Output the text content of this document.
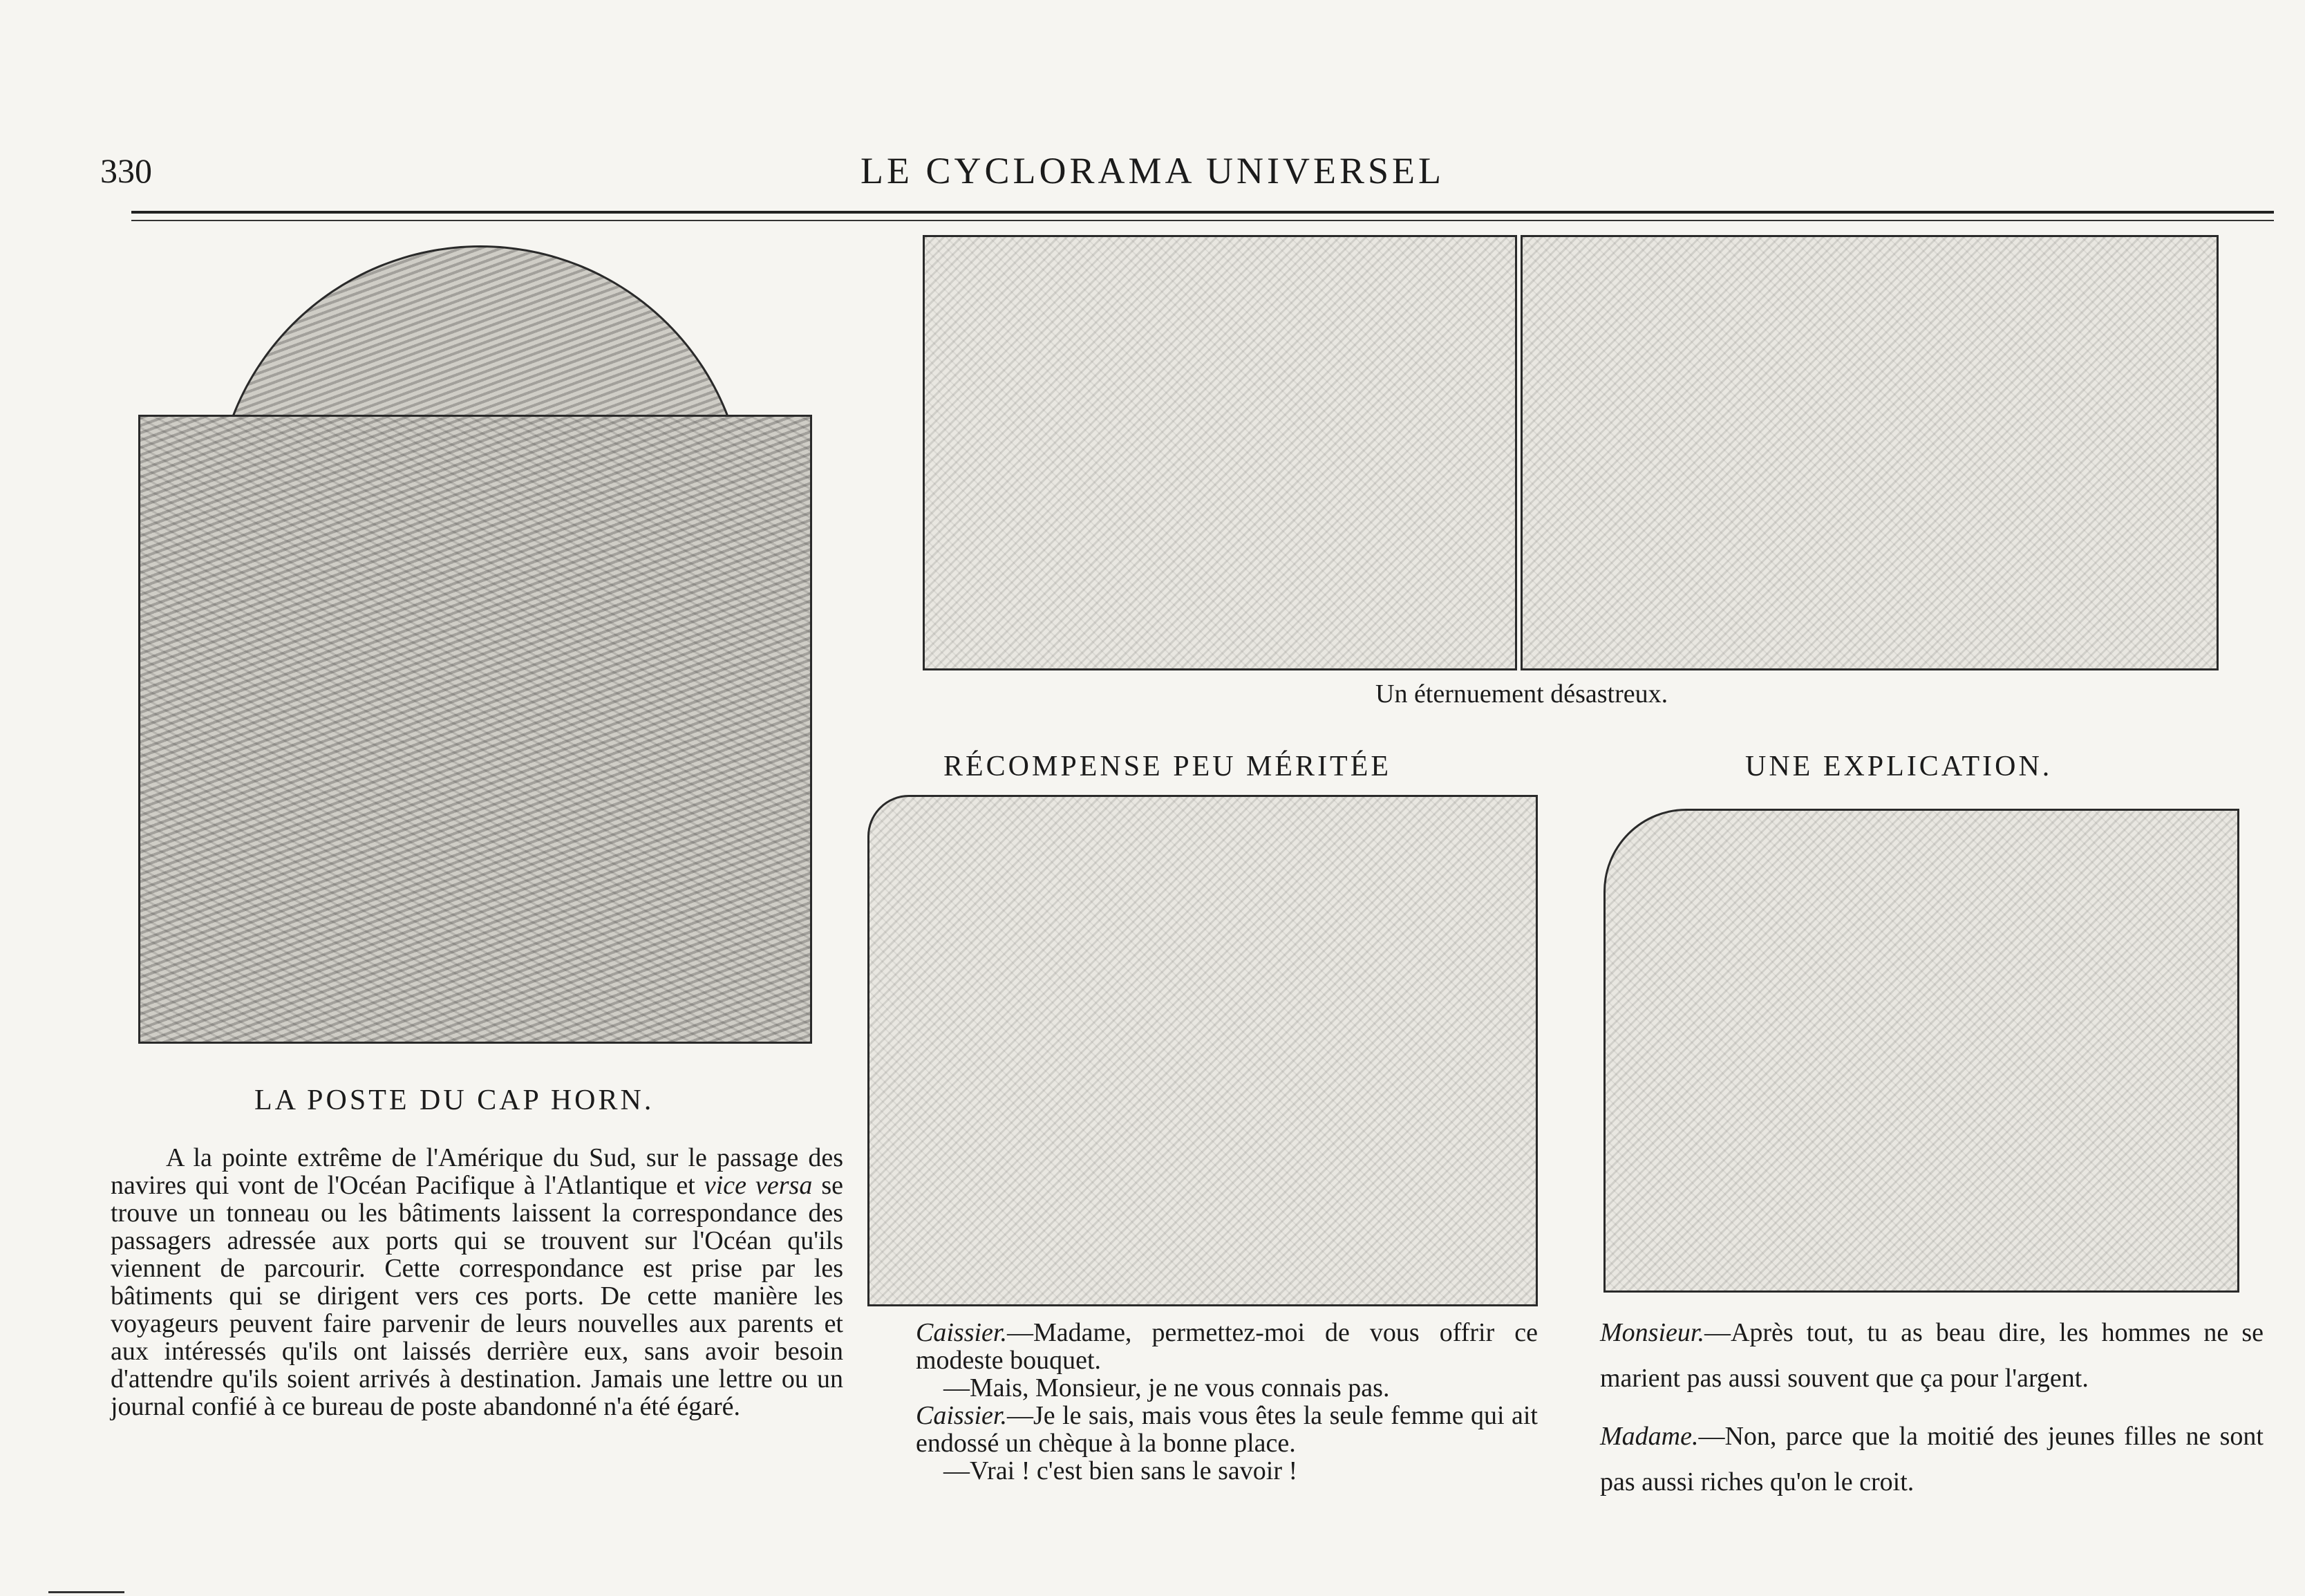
330	LE CYCLORAMA UNIVERSEL
LA POSTE DU CAP HORN.

A la pointe extrême de l'Amérique du Sud, sur le passage des navires qui vont de l'Océan Pacifique à l'Atlantique et vice versa se trouve un tonneau ou les bâtiments laissent la correspondance des passagers adressée aux ports qui se trouvent sur l'Océan qu'ils viennent de parcourir. Cette correspondance est prise par les bâtiments qui se dirigent vers ces ports. De cette manière les voyageurs peuvent faire parvenir de leurs nouvelles aux parents et aux intéressés qu'ils ont laissés derrière eux, sans avoir besoin d'attendre qu'ils soient arrivés à destination. Jamais une lettre ou un journal confié à ce bureau de poste abandonné n'a été égaré.

Un éternuement désastreux.
RÉCOMPENSE PEU MÉRITÉE

Caissier.—Madame, permettez-moi de vous offrir ce modeste bouquet.

—Mais, Monsieur, je ne vous connais pas.

Caissier.—Je le sais, mais vous êtes la seule femme qui ait endossé un chèque à la bonne place.

—Vrai ! c'est bien sans le savoir !

UNE EXPLICATION.

Monsieur.—Après tout, tu as beau dire, les hommes ne se marient pas aussi souvent que ça pour l'argent.

Madame.—Non, parce que la moitié des jeunes filles ne sont pas aussi riches qu'on le croit.
